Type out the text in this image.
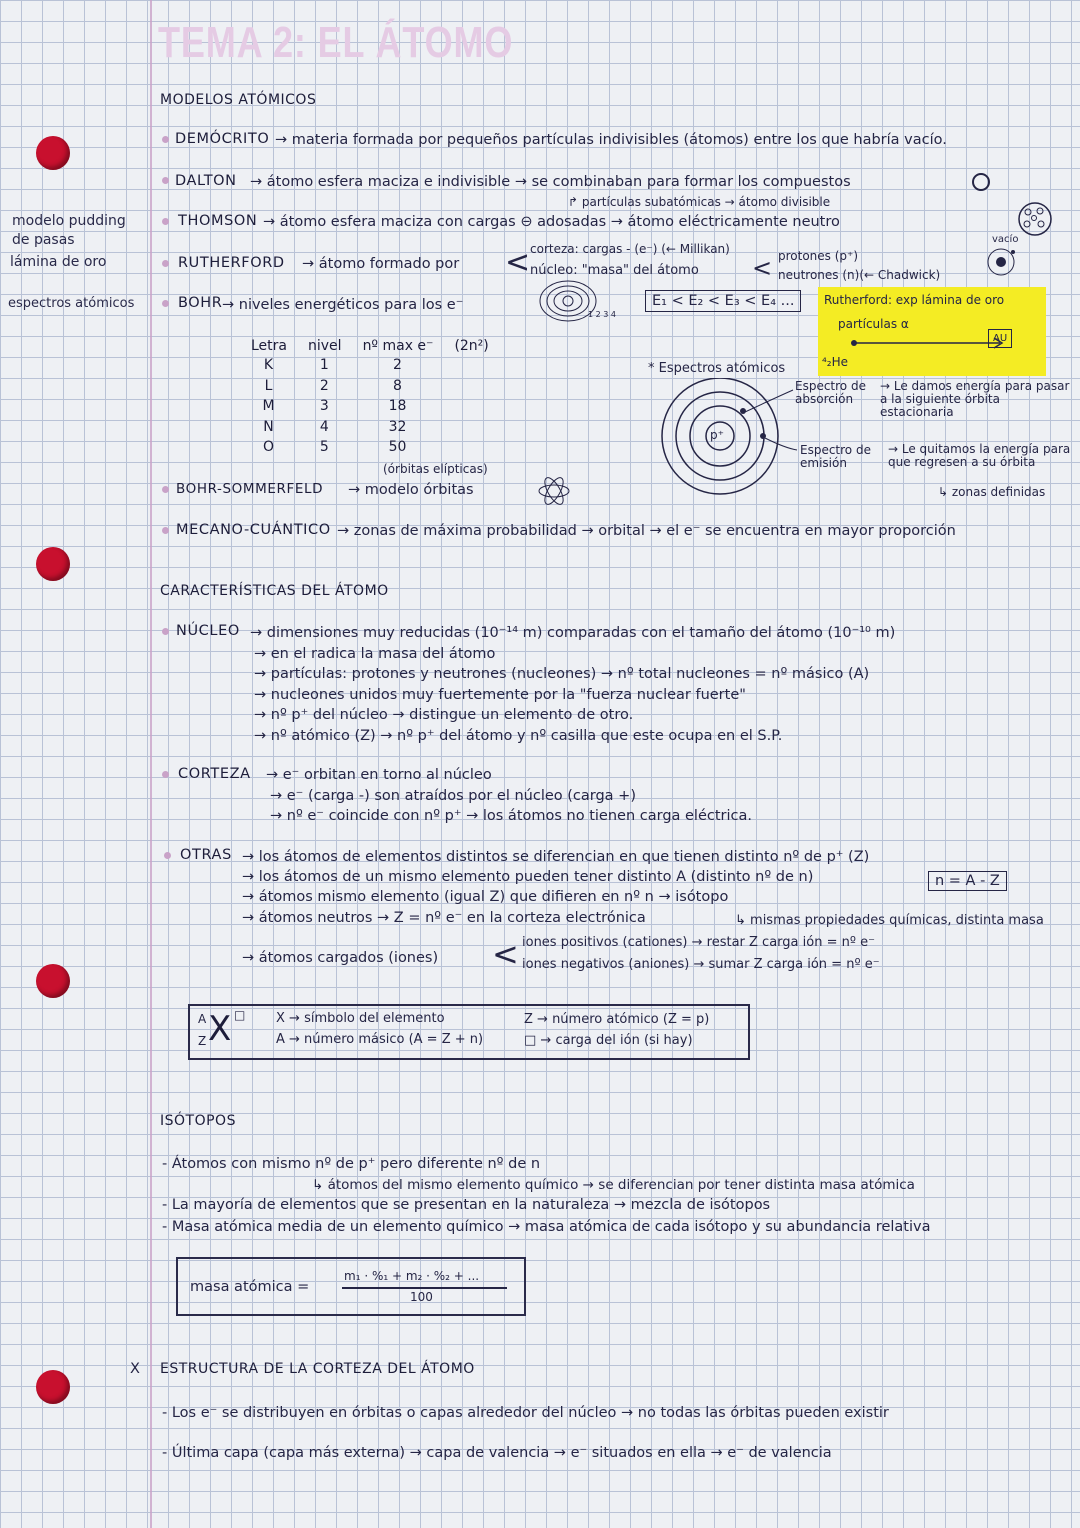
TEMA 2: EL ÁTOMO
modelo pudding de pasas
lámina de oro
espectros atómicos
MODELOS ATÓMICOS
DEMÓCRITO → materia formada por pequeños partículas indivisibles (átomos) entre los que habría vacío.
DALTON → átomo esfera maciza e indivisible → se combinaban para formar los compuestos
↱ partículas subatómicas → átomo divisible
THOMSON → átomo esfera maciza con cargas ⊖ adosadas → átomo eléctricamente neutro
vacío
RUTHERFORD → átomo formado por < corteza: cargas - (e⁻) (← Millikan)
núcleo: "masa" del átomo < protones (p⁺)
neutrones (n)(← Chadwick)
BOHR → niveles energéticos para los e⁻
1 2 3 4
E₁ < E₂ < E₃ < E₄ ...	Rutherford: exp lámina de oro
partículas α
⁴₂He
AU
Letra	nivel	nº max e⁻	(2n²)
K	1	2	
L	2	8	
M	3	18	
N	4	32	
O	5	50	
* Espectros atómicos
p⁺
Espectro de absorción
→ Le damos energía para pasar a la siguiente órbita estacionaria
Espectro de emisión
→ Le quitamos la energía para que regresen a su órbita
↳ zonas definidas
(órbitas elípticas)
BOHR-SOMMERFELD → modelo órbitas
MECANO-CUÁNTICO → zonas de máxima probabilidad → orbital → el e⁻ se encuentra en mayor proporción
CARACTERÍSTICAS DEL ÁTOMO
NÚCLEO → dimensiones muy reducidas (10⁻¹⁴ m) comparadas con el tamaño del átomo (10⁻¹⁰ m)
→ en el radica la masa del átomo
→ partículas: protones y neutrones (nucleones) → nº total nucleones = nº másico (A)
→ nucleones unidos muy fuertemente por la "fuerza nuclear fuerte"
→ nº p⁺ del núcleo → distingue un elemento de otro.
→ nº atómico (Z) → nº p⁺ del átomo y nº casilla que este ocupa en el S.P.
CORTEZA → e⁻ orbitan en torno al núcleo
→ e⁻ (carga -) son atraídos por el núcleo (carga +)
→ nº e⁻ coincide con nº p⁺ → los átomos no tienen carga eléctrica.
OTRAS → los átomos de elementos distintos se diferencian en que tienen distinto nº de p⁺ (Z)
→ los átomos de un mismo elemento pueden tener distinto A (distinto nº de n)
→ átomos mismo elemento (igual Z) que difieren en nº n → isótopo
→ átomos neutros → Z = nº e⁻ en la corteza electrónica
n = A - Z
↳ mismas propiedades químicas, distinta masa
→ átomos cargados (iones) < iones positivos (cationes) → restar Z carga ión = nº e⁻
iones negativos (aniones) → sumar Z carga ión = nº e⁻
A
Z X □ X → símbolo del elemento
A → número másico (A = Z + n)
Z → número atómico (Z = p)
□ → carga del ión (si hay)
ISÓTOPOS
- Átomos con mismo nº de p⁺ pero diferente nº de n
↳ átomos del mismo elemento químico → se diferencian por tener distinta masa atómica
- La mayoría de elementos que se presentan en la naturaleza → mezcla de isótopos
- Masa atómica media de un elemento químico → masa atómica de cada isótopo y su abundancia relativa
masa atómica =
m₁ · %₁ + m₂ · %₂ + ...
100
X ESTRUCTURA DE LA CORTEZA DEL ÁTOMO
- Los e⁻ se distribuyen en órbitas o capas alrededor del núcleo → no todas las órbitas pueden existir
- Última capa (capa más externa) → capa de valencia → e⁻ situados en ella → e⁻ de valencia
